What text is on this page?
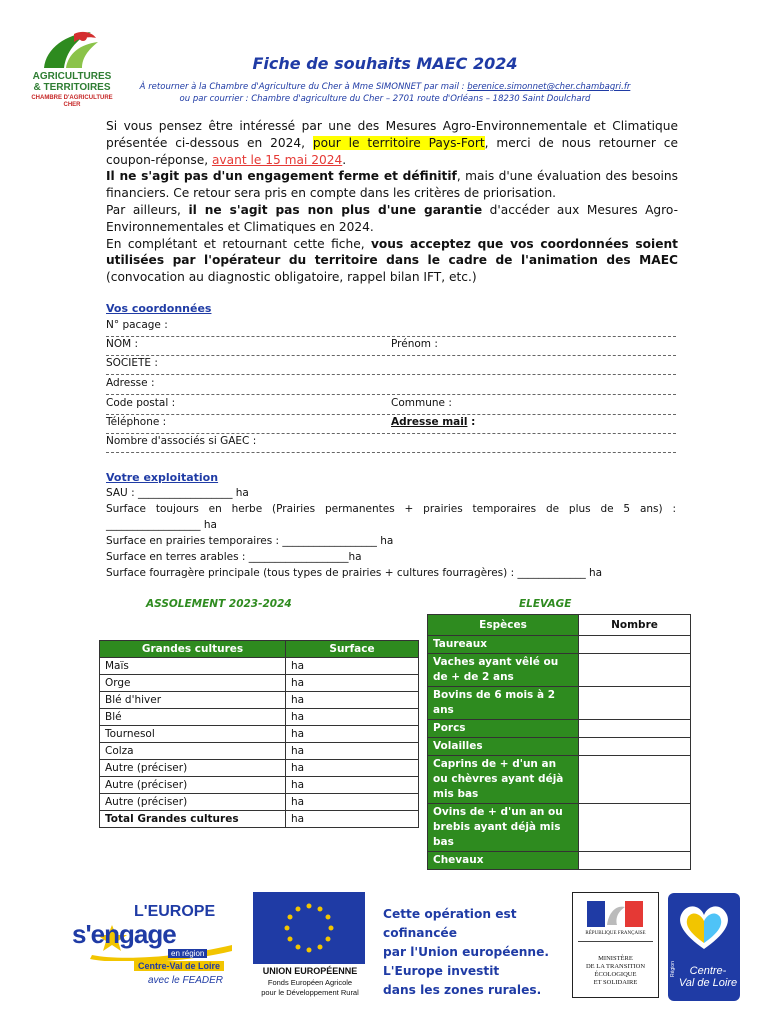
AGRICULTURES
& TERRITOIRES
CHAMBRE D'AGRICULTURE
CHER
Fiche de souhaits MAEC 2024
À retourner à la Chambre d'Agriculture du Cher à Mme SIMONNET par mail : berenice.simonnet@cher.chambagri.fr
ou par courrier : Chambre d'agriculture du Cher – 2701 route d'Orléans – 18230 Saint Doulchard

Si vous pensez être intéressé par une des Mesures Agro-Environnementale et Climatique présentée ci-dessous en 2024, pour le territoire Pays-Fort, merci de nous retourner ce coupon-réponse, avant le 15 mai 2024.

Il ne s'agit pas d'un engagement ferme et définitif, mais d'une évaluation des besoins financiers. Ce retour sera pris en compte dans les critères de priorisation.

Par ailleurs, il ne s'agit pas non plus d'une garantie d'accéder aux Mesures Agro-Environnementales et Climatiques en 2024.

En complétant et retournant cette fiche, vous acceptez que vos coordonnées soient utilisées par l'opérateur du territoire dans le cadre de l'animation des MAEC (convocation au diagnostic obligatoire, rappel bilan IFT, etc.)

Vos coordonnées
N° pacage :
NOM :	Prénom :
SOCIETE :
Adresse :
Code postal :	Commune :
Téléphone :	Adresse mail :
Nombre d'associés si GAEC :
Votre exploitation
SAU : __________________ ha
Surface toujours en herbe (Prairies permanentes + prairies temporaires de plus de 5 ans) :
__________________ ha
Surface en prairies temporaires : __________________ ha
Surface en terres arables : ___________________ha
Surface fourragère principale (tous types de prairies + cultures fourragères) : _____________ ha
ASSOLEMENT 2023-2024	ELEVAGE
Grandes cultures	Surface
Maïs	ha
Orge	ha
Blé d'hiver	ha
Blé	ha
Tournesol	ha
Colza	ha
Autre (préciser)	ha
Autre (préciser)	ha
Autre (préciser)	ha
Total Grandes cultures	ha
Espèces	Nombre
Taureaux	
Vaches ayant vêlé ou de + de 2 ans	
Bovins de 6 mois à 2 ans	
Porcs	
Volailles	
Caprins de + d'un an ou chèvres ayant déjà mis bas	
Ovins de + d'un an ou brebis ayant déjà mis bas	
Chevaux	
L'EUROPE
s'engage
en région
Centre-Val de Loire
avec le FEADER
UNION EUROPÉENNE
Fonds Européen Agricole
pour le Développement Rural
Cette opération est cofinancée
par l'Union européenne.
L'Europe investit
dans les zones rurales.
RÉPUBLIQUE FRANÇAISE
MINISTÈRE
DE LA TRANSITION
ÉCOLOGIQUE
ET SOLIDAIRE
Région	Centre-
Val de Loire
